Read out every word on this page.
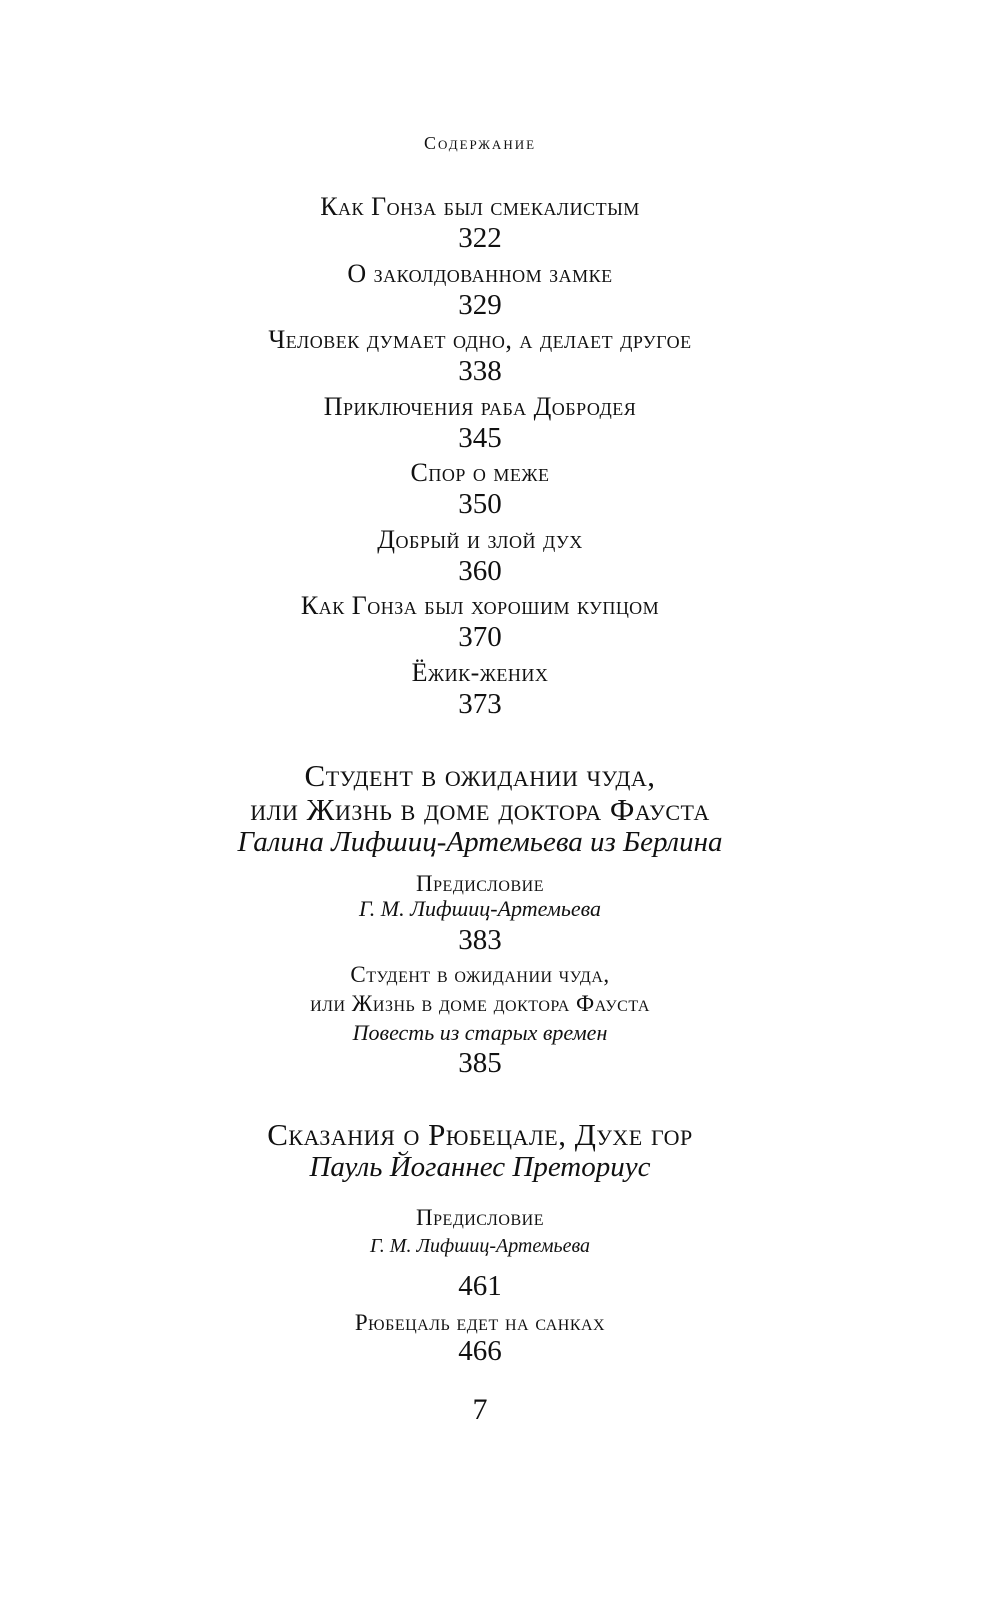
Содержание
Как Гонза был смекалистым
322
О заколдованном замке
329
Человек думает одно, а делает другое
338
Приключения раба Добродея
345
Спор о меже
350
Добрый и злой дух
360
Как Гонза был хорошим купцом
370
Ёжик-жених
373
Студент в ожидании чуда,
или Жизнь в доме доктора Фауста
Галина Лифшиц-Артемьева из Берлина
Предисловие
Г. М. Лифшиц-Артемьева
383
Студент в ожидании чуда,
или Жизнь в доме доктора Фауста
Повесть из старых времен
385
Сказания о Рюбецале, Духе гор
Пауль Йоганнес Преториус
Предисловие
Г. М. Лифшиц-Артемьева
461
Рюбецаль едет на санках
466
7
